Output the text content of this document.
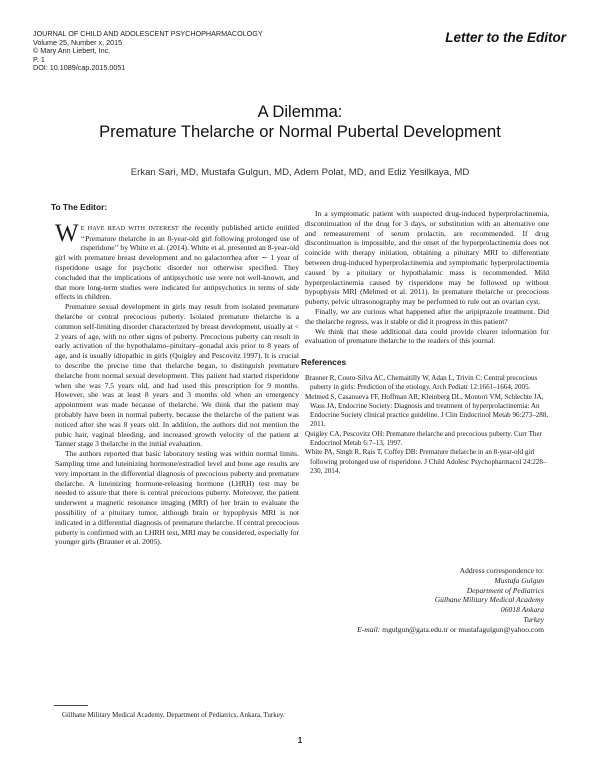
JOURNAL OF CHILD AND ADOLESCENT PSYCHOPHARMACOLOGY
Volume 25, Number x, 2015
© Mary Ann Liebert, Inc.
P. 1
DOI: 10.1089/cap.2015.0051
Letter to the Editor
A Dilemma:
Premature Thelarche or Normal Pubertal Development
Erkan Sari, MD, Mustafa Gulgun, MD, Adem Polat, MD, and Ediz Yesilkaya, MD
To The Editor:

W E HAVE READ WITH INTEREST the recently published article entitled ‘‘Premature thelarche in an 8-year-old girl following prolonged use of risperidone’’ by White et al. (2014). White et al. presented an 8-year-old girl with premature breast development and no galactorrhea after ∼ 1 year of risperidone usage for psychotic disorder not otherwise specified. They concluded that the implications of antipsychotic use were not well-known, and that more long-term studies were indicated for antipsychotics in terms of side effects in children.

Premature sexual development in girls may result from isolated premature thelarche or central precocious puberty. Isolated premature thelarche is a common self-limiting disorder characterized by breast development, usually at < 2 years of age, with no other signs of puberty. Precocious puberty can result in early activation of the hypothalamo–pituitary–gonadal axis prior to 8 years of age, and is usually idiopathic in girls (Quigley and Pescovitz 1997). It is crucial to describe the precise time that thelarche began, to distinguish premature thelarche from normal sexual development. This patient had started risperidone when she was 7.5 years old, and had used this prescription for 9 months. However, she was at least 8 years and 3 months old when an emergency appointment was made because of thelarche. We think that the patient may probably have been in normal puberty, because the thelarche of the patient was noticed after she was 8 years old. In addition, the authors did not mention the pubic hair, vaginal bleeding, and increased growth velocity of the patient at Tanner stage 3 thelarche in the initial evaluation.

The authors reported that basic laboratory testing was within normal limits. Sampling time and luteinizing hormone/estradiol level and bone age results are very important in the differential diagnosis of precocious puberty and premature thelarche. A luteinizing hormone-releasing hormone (LHRH) test may be needed to assure that there is central precocious puberty. Moreover, the patient underwent a magnetic resonance imaging (MRI) of her brain to evaluate the possibility of a pituitary tumor, although brain or hypophysis MRI is not indicated in a differential diagnosis of premature thelarche. If central precocious puberty is confirmed with an LHRH test, MRI may be considered, especially for younger girls (Brauner et al. 2005).

In a symptomatic patient with suspected drug-induced hyperprolactinemia, discontinuation of the drug for 3 days, or substitution with an alternative one and remeasurement of serum prolactin, are recommended. If drug discontinuation is impossible, and the onset of the hyperprolactinemia does not coincide with therapy initiation, obtaining a pituitary MRI to differentiate between drug-induced hyperprolactinemia and symptomatic hyperprolactinemia caused by a pituitary or hypothalamic mass is recommended. Mild hyperprolactinemia caused by risperidone may be followed up without hypophysis MRI (Melmed et al. 2011). In premature thelarche or precocious puberty, pelvic ultrasonography may be performed to rule out an ovarian cyst.

Finally, we are curious what happened after the aripiprazole treatment. Did the thelarche regress, was it stable or did it progress in this patient?

We think that these additional data could provide clearer information for evaluation of premature thelarche to the readers of this journal.

References

Brauner R, Couto-Silva AC, Chemaitilly W, Adan L, Trivin C: Central precocious puberty in girls: Prediction of the etiology. Arch Pediatr 12:1661–1664, 2005.

Melmed S, Casanueva FF, Hoffman AR, Kleinberg DL, Montori VM, Schlechte JA, Wass JA, Endocrine Society: Diagnosis and treatment of hyperprolactinemia: An Endocrine Society clinical practice guideline. J Clin Endocrinol Metab 96:273–288, 2011.

Quigley CA, Pescovitz OH: Premature thelarche and precocious puberty. Curr Ther Endocrinol Metab 6:7–13, 1997.

White PA, Singh R, Rais T, Coffey DB: Premature thelarche in an 8-year-old girl following prolonged use of risperidone. J Child Adolesc Psychopharmacol 24:228–230, 2014.

Address correspondence to:
Mustafa Gulgun
Department of Pediatrics
Gülhane Military Medical Academy
06018 Ankara
Turkey
E-mail: mgulgun@gata.edu.tr or mustafagulgun@yahoo.com
Gülhane Military Medical Academy, Department of Pediatrics, Ankara, Turkey.
1
